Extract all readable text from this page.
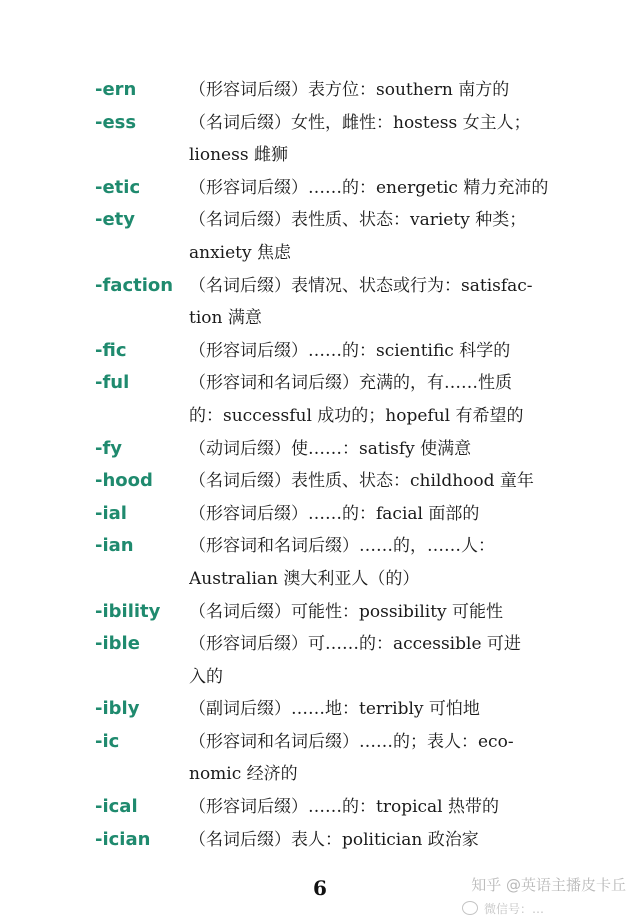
-ern	（形容词后缀）表方位：southern 南方的
-ess	（名词后缀）女性，雌性：hostess 女主人；
lioness 雌狮
-etic	（形容词后缀）……的：energetic 精力充沛的
-ety	（名词后缀）表性质、状态：variety 种类；
anxiety 焦虑
-faction （名词后缀）表情况、状态或行为：satisfac-
tion 满意
-fic	（形容词后缀）……的：scientific 科学的
-ful	（形容词和名词后缀）充满的，有……性质
的：successful 成功的；hopeful 有希望的
-fy	（动词后缀）使……：satisfy 使满意
-hood （名词后缀）表性质、状态：childhood 童年
-ial	（形容词后缀）……的：facial 面部的
-ian	（形容词和名词后缀）……的，……人：
Australian 澳大利亚人（的）
-ibility （名词后缀）可能性：possibility 可能性
-ible	（形容词后缀）可……的：accessible 可进
入的
-ibly	（副词后缀）……地：terribly 可怕地
-ic	（形容词和名词后缀）……的；表人：eco-
nomic 经济的
-ical	（形容词后缀）……的：tropical 热带的
-ician （名词后缀）表人：politician 政治家
6	知乎 @英语主播皮卡丘
微信号：…
